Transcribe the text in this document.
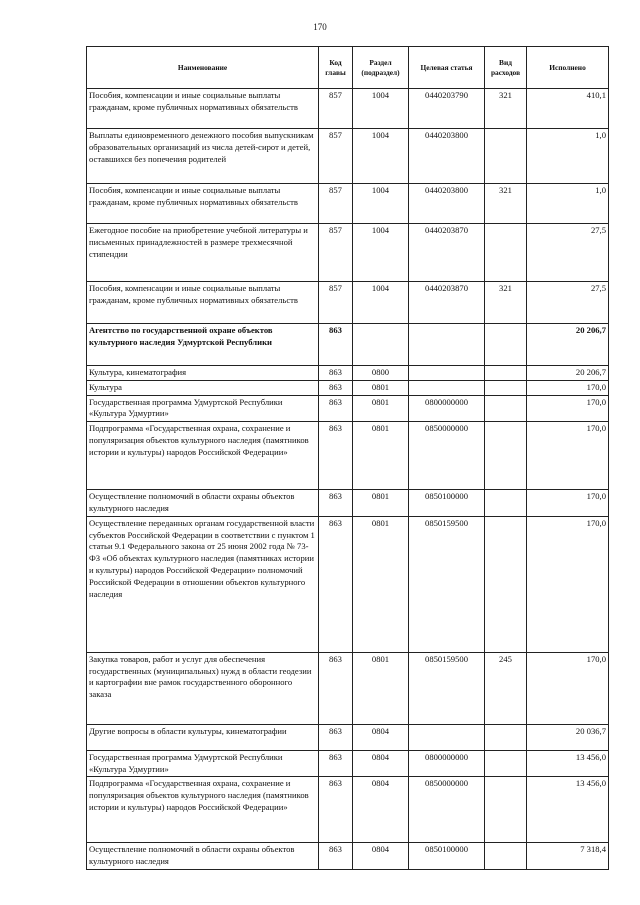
170
Наименование	Код главы	Раздел (подраздел)	Целевая статья	Вид расходов	Исполнено
Пособия, компенсации и иные социальные выплаты гражданам, кроме публичных нормативных обязательств	857	1004	0440203790	321	410,1
Выплаты единовременного денежного пособия выпускникам образовательных организаций из числа детей-сирот и детей, оставшихся без попечения родителей	857	1004	0440203800		1,0
Пособия, компенсации и иные социальные выплаты гражданам, кроме публичных нормативных обязательств	857	1004	0440203800	321	1,0
Ежегодное пособие на приобретение учебной литературы и письменных принадлежностей в размере трехмесячной стипендии	857	1004	0440203870		27,5
Пособия, компенсации и иные социальные выплаты гражданам, кроме публичных нормативных обязательств	857	1004	0440203870	321	27,5
Агентство по государственной охране объектов культурного наследия Удмуртской Республики	863				20 206,7
Культура, кинематография	863	0800			20 206,7
Культура	863	0801			170,0
Государственная программа Удмуртской Республики «Культура Удмуртии»	863	0801	0800000000		170,0
Подпрограмма «Государственная охрана, сохранение и популяризация объектов культурного наследия (памятников истории и культуры) народов Российской Федерации»	863	0801	0850000000		170,0
Осуществление полномочий в области охраны объектов культурного наследия	863	0801	0850100000		170,0
Осуществление переданных органам государственной власти субъектов Российской Федерации в соответствии с пунктом 1 статьи 9.1 Федерального закона от 25 июня 2002 года № 73-ФЗ «Об объектах культурного наследия (памятниках истории и культуры) народов Российской Федерации» полномочий Российской Федерации в отношении объектов культурного наследия	863	0801	0850159500		170,0
Закупка товаров, работ и услуг для обеспечения государственных (муниципальных) нужд в области геодезии и картографии вне рамок государственного оборонного заказа	863	0801	0850159500	245	170,0
Другие вопросы в области культуры, кинематографии	863	0804			20 036,7
Государственная программа Удмуртской Республики «Культура Удмуртии»	863	0804	0800000000		13 456,0
Подпрограмма «Государственная охрана, сохранение и популяризация объектов культурного наследия (памятников истории и культуры) народов Российской Федерации»	863	0804	0850000000		13 456,0
Осуществление полномочий в области охраны объектов культурного наследия	863	0804	0850100000		7 318,4
